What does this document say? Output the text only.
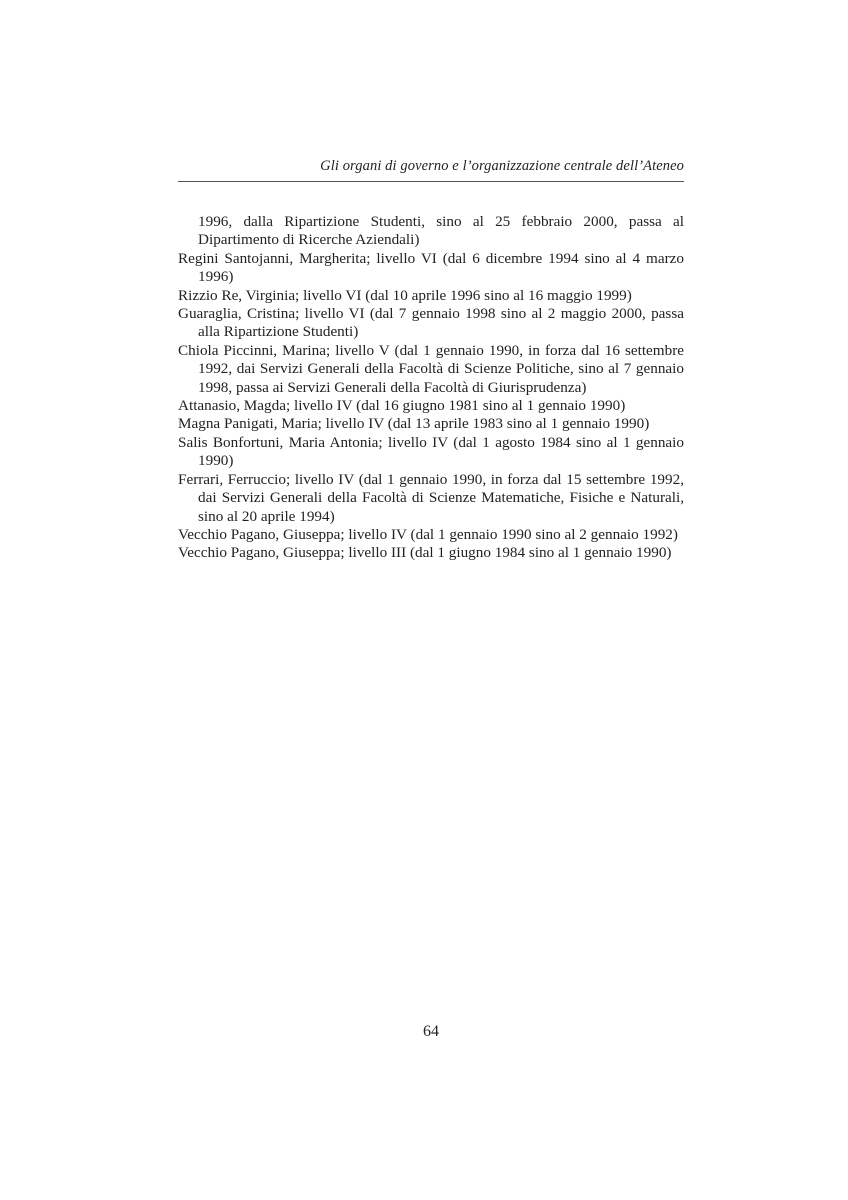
Gli organi di governo e l’organizzazione centrale dell’Ateneo
1996, dalla Ripartizione Studenti, sino al 25 febbraio 2000, passa al Dipartimento di Ricerche Aziendali)
Regini Santojanni, Margherita; livello VI (dal 6 dicembre 1994 sino al 4 marzo 1996)
Rizzio Re, Virginia; livello VI (dal 10 aprile 1996 sino al 16 maggio 1999)
Guaraglia, Cristina; livello VI (dal 7 gennaio 1998 sino al 2 maggio 2000, passa alla Ripartizione Studenti)
Chiola Piccinni, Marina; livello V (dal 1 gennaio 1990, in forza dal 16 settembre 1992, dai Servizi Generali della Facoltà di Scienze Politiche, sino al 7 gennaio 1998, passa ai Servizi Generali della Facoltà di Giurisprudenza)
Attanasio, Magda; livello IV (dal 16 giugno 1981 sino al 1 gennaio 1990)
Magna Panigati, Maria; livello IV (dal 13 aprile 1983 sino al 1 gennaio 1990)
Salis Bonfortuni, Maria Antonia; livello IV (dal 1 agosto 1984 sino al 1 gennaio 1990)
Ferrari, Ferruccio; livello IV (dal 1 gennaio 1990, in forza dal 15 settembre 1992, dai Servizi Generali della Facoltà di Scienze Matematiche, Fisiche e Naturali, sino al 20 aprile 1994)
Vecchio Pagano, Giuseppa; livello IV (dal 1 gennaio 1990 sino al 2 gennaio 1992)
Vecchio Pagano, Giuseppa; livello III (dal 1 giugno 1984 sino al 1 gennaio 1990)
64
